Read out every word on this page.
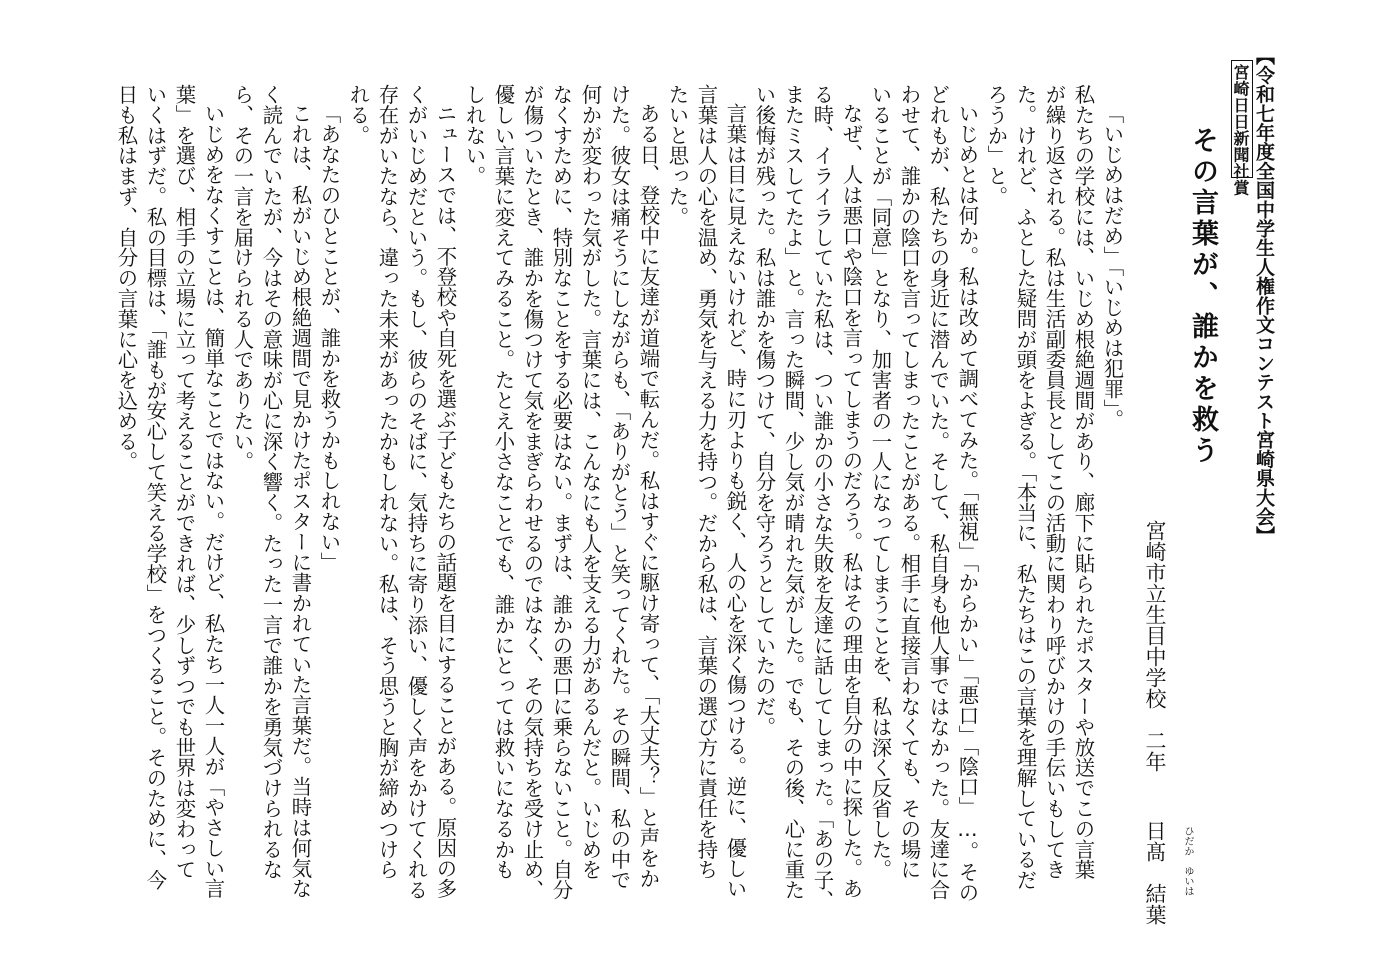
【令和七年度全国中学生人権作文コンテスト宮崎県大会】
宮崎日日新聞社賞
その言葉が、誰かを救う
宮崎市立生目中学校　二年
日髙　結葉 ひだか
ゆいは
「いじめはだめ」「いじめは犯罪」。
私たちの学校には、いじめ根絶週間があり、廊下に貼られたポスターや放送でこの言葉
が繰り返される。私は生活副委員長としてこの活動に関わり呼びかけの手伝いもしてき
た。けれど、ふとした疑問が頭をよぎる。「本当に、私たちはこの言葉を理解しているだ
ろうか」と。
いじめとは何か。私は改めて調べてみた。「無視」「からかい」「悪口」「陰口」…。その
どれもが、私たちの身近に潜んでいた。そして、私自身も他人事ではなかった。友達に合
わせて、誰かの陰口を言ってしまったことがある。相手に直接言わなくても、その場に
いることが「同意」となり、加害者の一人になってしまうことを、私は深く反省した。
なぜ、人は悪口や陰口を言ってしまうのだろう。私はその理由を自分の中に探した。あ
る時、イライラしていた私は、つい誰かの小さな失敗を友達に話してしまった。「あの子、
またミスしてたよ」と。言った瞬間、少し気が晴れた気がした。でも、その後、心に重た
い後悔が残った。私は誰かを傷つけて、自分を守ろうとしていたのだ。
言葉は目に見えないけれど、時に刃よりも鋭く、人の心を深く傷つける。逆に、優しい
言葉は人の心を温め、勇気を与える力を持つ。だから私は、言葉の選び方に責任を持ち
たいと思った。
ある日、登校中に友達が道端で転んだ。私はすぐに駆け寄って、「大丈夫？」と声をか
けた。彼女は痛そうにしながらも、「ありがとう」と笑ってくれた。その瞬間、私の中で
何かが変わった気がした。言葉には、こんなにも人を支える力があるんだと。いじめを
なくすために、特別なことをする必要はない。まずは、誰かの悪口に乗らないこと。自分
が傷ついたとき、誰かを傷つけて気をまぎらわせるのではなく、その気持ちを受け止め、
優しい言葉に変えてみること。たとえ小さなことでも、誰かにとっては救いになるかも
しれない。
ニュースでは、不登校や自死を選ぶ子どもたちの話題を目にすることがある。原因の多
くがいじめだという。もし、彼らのそばに、気持ちに寄り添い、優しく声をかけてくれる
存在がいたなら、違った未来があったかもしれない。私は、そう思うと胸が締めつけら
れる。
「あなたのひとことが、誰かを救うかもしれない」
これは、私がいじめ根絶週間で見かけたポスターに書かれていた言葉だ。当時は何気な
く読んでいたが、今はその意味が心に深く響く。たった一言で誰かを勇気づけられるな
ら、その一言を届けられる人でありたい。
いじめをなくすことは、簡単なことではない。だけど、私たち一人一人が「やさしい言
葉」を選び、相手の立場に立って考えることができれば、少しずつでも世界は変わって
いくはずだ。私の目標は、「誰もが安心して笑える学校」をつくること。そのために、今
日も私はまず、自分の言葉に心を込める。
